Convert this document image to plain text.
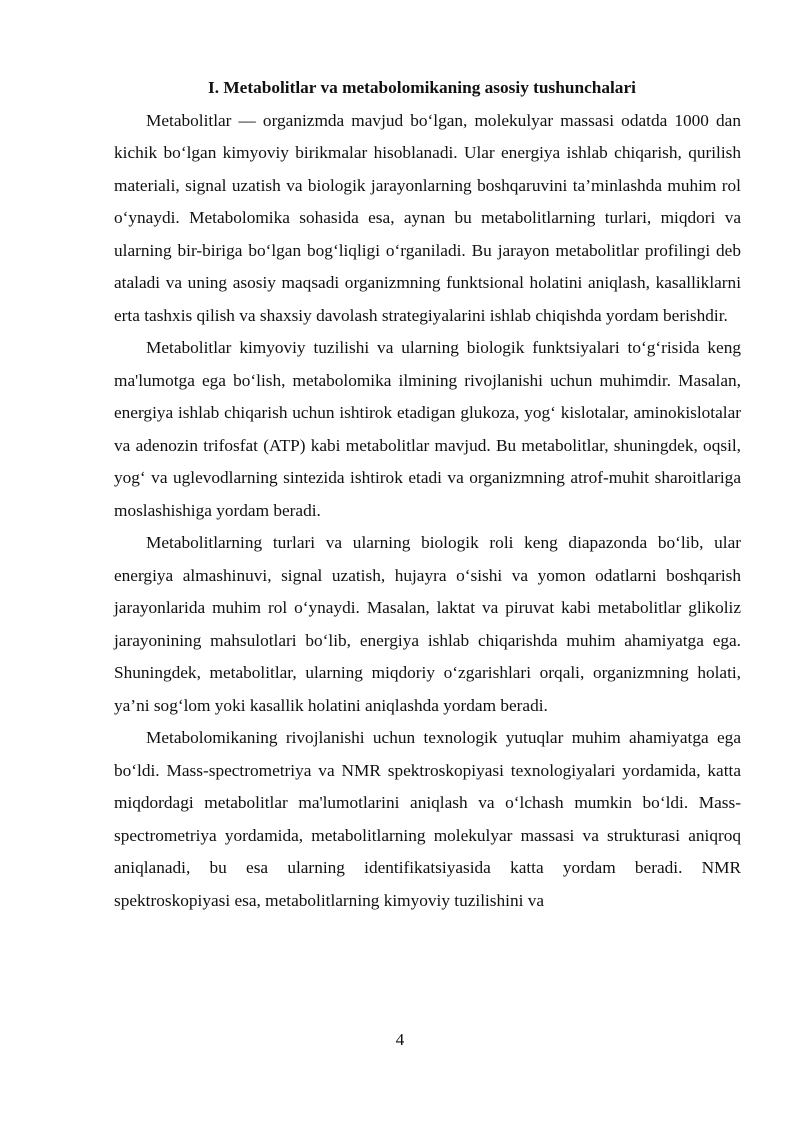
I. Metabolitlar va metabolomikaning asosiy tushunchalari

Metabolitlar — organizmda mavjud bo‘lgan, molekulyar massasi odatda 1000 dan kichik bo‘lgan kimyoviy birikmalar hisoblanadi. Ular energiya ishlab chiqarish, qurilish materiali, signal uzatish va biologik jarayonlarning boshqaruvini ta’minlashda muhim rol o‘ynaydi. Metabolomika sohasida esa, aynan bu metabolitlarning turlari, miqdori va ularning bir-biriga bo‘lgan bog‘liqligi o‘rganiladi. Bu jarayon metabolitlar profilingi deb ataladi va uning asosiy maqsadi organizmning funktsional holatini aniqlash, kasalliklarni erta tashxis qilish va shaxsiy davolash strategiyalarini ishlab chiqishda yordam berishdir.

Metabolitlar kimyoviy tuzilishi va ularning biologik funktsiyalari to‘g‘risida keng ma'lumotga ega bo‘lish, metabolomika ilmining rivojlanishi uchun muhimdir. Masalan, energiya ishlab chiqarish uchun ishtirok etadigan glukoza, yog‘ kislotalar, aminokislotalar va adenozin trifosfat (ATP) kabi metabolitlar mavjud. Bu metabolitlar, shuningdek, oqsil, yog‘ va uglevodlarning sintezida ishtirok etadi va organizmning atrof-muhit sharoitlariga moslashishiga yordam beradi.

Metabolitlarning turlari va ularning biologik roli keng diapazonda bo‘lib, ular energiya almashinuvi, signal uzatish, hujayra o‘sishi va yomon odatlarni boshqarish jarayonlarida muhim rol o‘ynaydi. Masalan, laktat va piruvat kabi metabolitlar glikoliz jarayonining mahsulotlari bo‘lib, energiya ishlab chiqarishda muhim ahamiyatga ega. Shuningdek, metabolitlar, ularning miqdoriy o‘zgarishlari orqali, organizmning holati, ya’ni sog‘lom yoki kasallik holatini aniqlashda yordam beradi.

Metabolomikaning rivojlanishi uchun texnologik yutuqlar muhim ahamiyatga ega bo‘ldi. Mass-spectrometriya va NMR spektroskopiyasi texnologiyalari yordamida, katta miqdordagi metabolitlar ma'lumotlarini aniqlash va o‘lchash mumkin bo‘ldi. Mass-spectrometriya yordamida, metabolitlarning molekulyar massasi va strukturasi aniqroq aniqlanadi, bu esa ularning identifikatsiyasida katta yordam beradi. NMR spektroskopiyasi esa, metabolitlarning kimyoviy tuzilishini va

4
